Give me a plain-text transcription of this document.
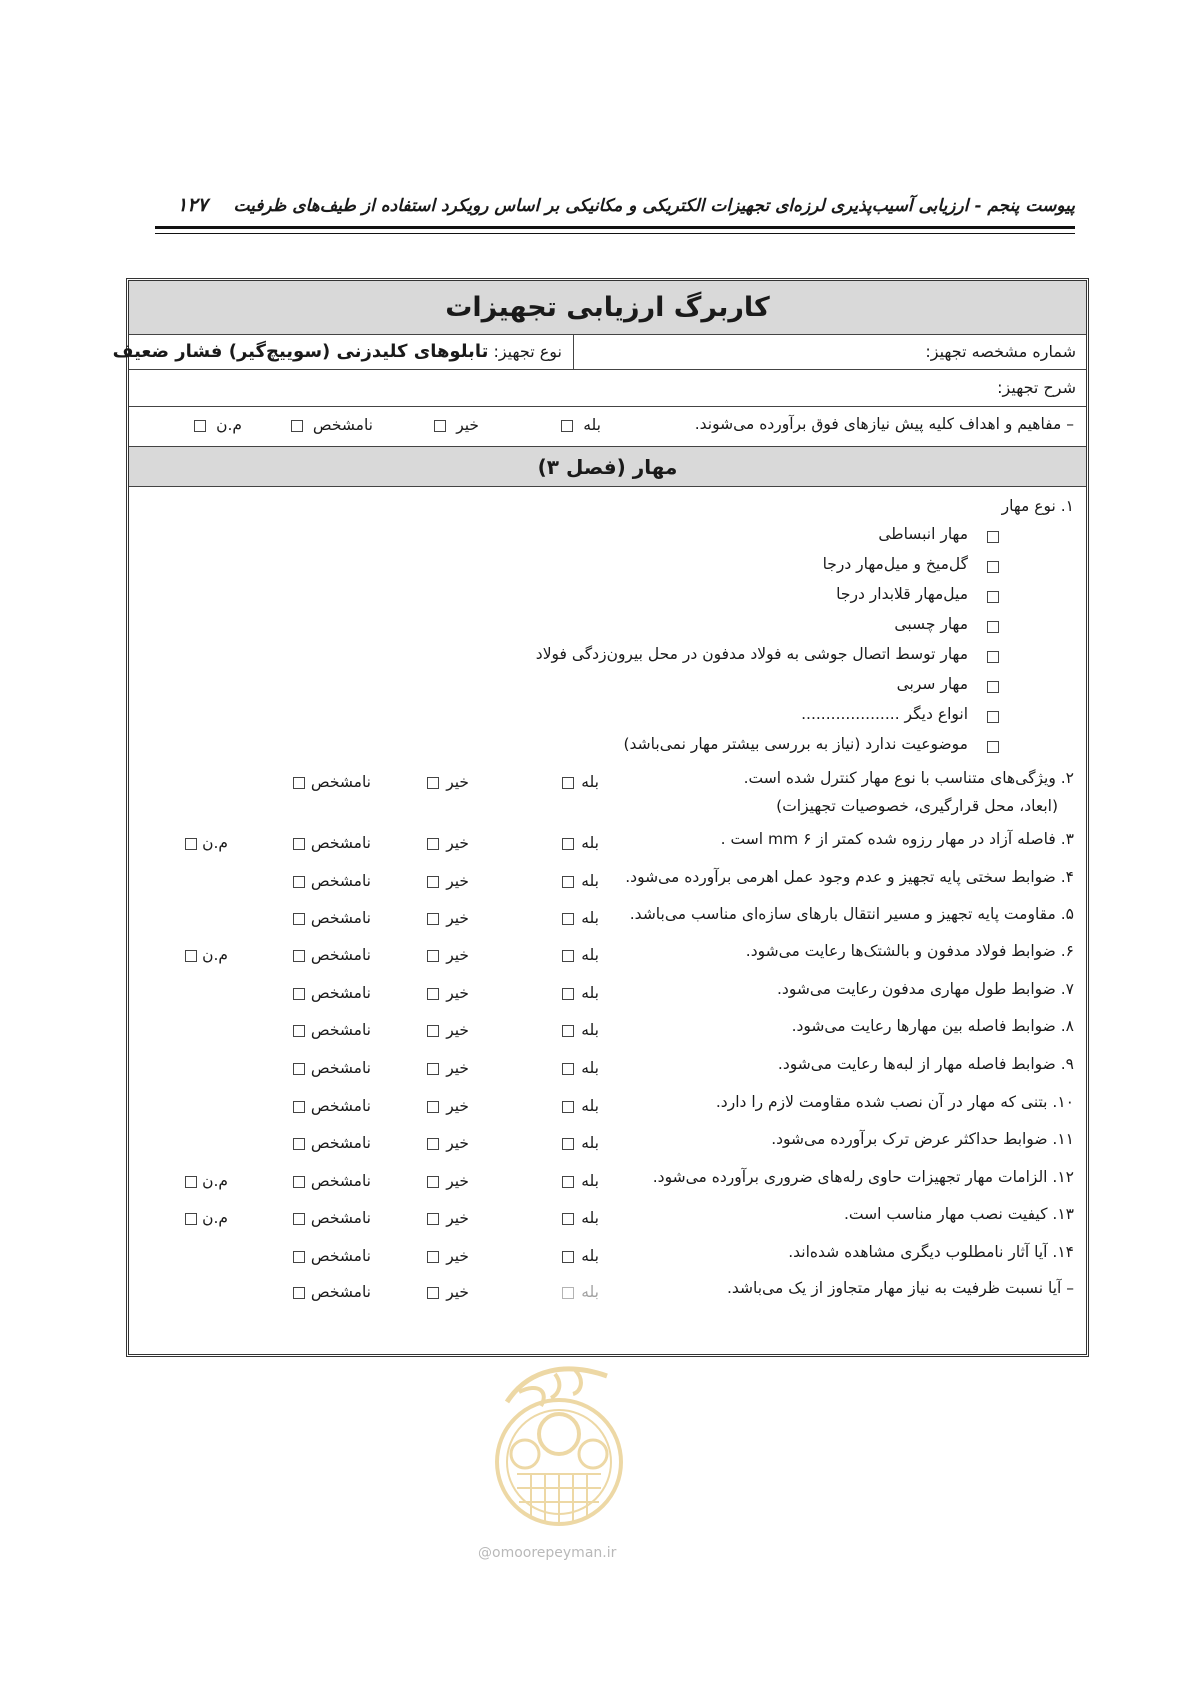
پیوست پنجم - ارزیابی آسیب‌پذیری لرزه‌ای تجهیزات الکتریکی و مکانیکی بر اساس رویکرد استفاده از طیف‌های ظرفیت
۱۲۷
کاربرگ ارزیابی تجهیزات
شماره مشخصه تجهیز:
نوع تجهیز: تابلوهای کلیدزنی (سوییچ‌گیر) فشار ضعیف
شرح تجهیز:
– مفاهیم و اهداف کلیه پیش نیازهای فوق برآورده می‌شوند.
بله
خیر
نامشخص
م.ن
مهار (فصل ۳)
۱. نوع مهار
مهار انبساطی
گل‌میخ و میل‌مهار درجا
میل‌مهار قلابدار درجا
مهار چسبی
مهار توسط اتصال جوشی به فولاد مدفون در محل بیرون‌زدگی فولاد
مهار سربی
انواع دیگر ....................
موضوعیت ندارد (نیاز به بررسی بیشتر مهار نمی‌باشد)
۲. ویژگی‌های متناسب با نوع مهار کنترل شده است.
(ابعاد، محل قرارگیری، خصوصیات تجهیزات)
بله
خیر
نامشخص
۳. فاصله آزاد در مهار رزوه شده کمتر از ۶ mm است .
بله
خیر
نامشخص
م.ن
۴. ضوابط سختی پایه تجهیز و عدم وجود عمل اهرمی برآورده می‌شود.
بله
خیر
نامشخص
۵. مقاومت پایه تجهیز و مسیر انتقال بارهای سازه‌ای مناسب می‌باشد.
بله
خیر
نامشخص
۶. ضوابط فولاد مدفون و بالشتک‌ها رعایت می‌شود.
بله
خیر
نامشخص
م.ن
۷. ضوابط طول مهاری مدفون رعایت می‌شود.
بله
خیر
نامشخص
۸. ضوابط فاصله بین مهارها رعایت می‌شود.
بله
خیر
نامشخص
۹. ضوابط فاصله مهار از لبه‌ها رعایت می‌شود.
بله
خیر
نامشخص
۱۰. بتنی که مهار در آن نصب شده مقاومت لازم را دارد.
بله
خیر
نامشخص
۱۱. ضوابط حداکثر عرض ترک برآورده می‌شود.
بله
خیر
نامشخص
۱۲. الزامات مهار تجهیزات حاوی رله‌های ضروری برآورده می‌شود.
بله
خیر
نامشخص
م.ن
۱۳. کیفیت نصب مهار مناسب است.
بله
خیر
نامشخص
م.ن
۱۴. آیا آثار نامطلوب دیگری مشاهده شده‌اند.
بله
خیر
نامشخص
– آیا نسبت ظرفیت به نیاز مهار متجاوز از یک می‌باشد.
بله
خیر
نامشخص
@omoorepeyman.ir
